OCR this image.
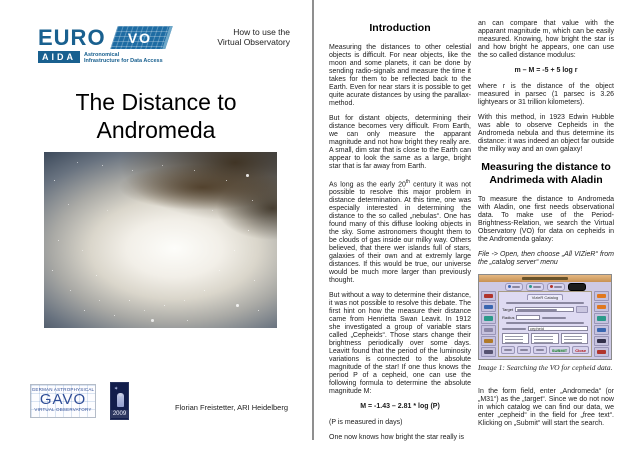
EURO VO
AIDA	Astronomical
Infrastructure for Data Access
How to use the
Virtual Observatory
The Distance to
Andromeda
GERMAN ASTROPHYSICAL
GAVO
VIRTUAL OBSERVATORY
✶
2009
Florian Freistetter, ARI Heidelberg
Introduction

Measuring the distances to other celestial objects is difficult. For near objects, like the moon and some planets, it can be done by sending radio-signals and measure the time it takes for them to be reflected back to the Earth. Even for near stars it is possible to get quite acurate distances by using the parallax-method.

But for distant objects, determining their distance becomes very difficult. From Earth, we can only measure the apparant magnitude and not how bright they really are. A small, dim star that is close to the Earth can appear to look the same as a large, bright star that is far away from Earth.

As long as the early 20th century it was not possible to resolve this major problem in distance determination. At this time, one was especially interested in determining the distance to the so called „nebulas“. One has found many of this diffuse looking objects in the sky. Some astronomers thought them to be clouds of gas inside our milky way. Others believed, that there wer islands full of stars, galaxies of their own and at extremly large distances. If this would be true, our universe would be much more larger than previously thought.

But without a way to determine their distance, it was not possible to resolve this debate. The first hint on how the measure their distance came from Henrietta Swan Leavit. In 1912 she investigated a group of variable stars called „Cepheids“. Those stars change their brightness periodically over some days. Leavitt found that the period of the luminosity variations is connected to the absolute magnitude of the star! If one thus knows the period P of a cepheid, one can use the following formula to determine the absolute magnitude M:

M = -1.43 – 2.81 * log (P)

(P is measured in days)

One now knows how bright the star really is

an can compare that value with the apparant magnitude m, which can be easily measured. Knowing, how bright the star is and how bright he appears, one can use the so called distance modulus:

m – M = -5 + 5 log r

where r is the distance of the object measured in parsec (1 parsec is 3.26 lightyears or 31 trillion kilometers).

With this method, in 1923 Edwin Hubble was able to observe Cepheids in the Andromeda nebula and thus determine its distance: it was indeed an object far outside the milky way and an own galaxy!

Measuring the distance to
Andrimeda with Aladin

To measure the distance to Andromeda with Aladin, one first needs observational data. To make use of the Period-Brightness-Relation, we search the Virtual Observatory (VO) for data on cepheids in the Andromenda galaxy:

File -> Open, then choose „All VIZieR“ from the „catalog server“ menu

VizieR Catalog
Target
Radius
cepheid
SUBMIT	Close
Image 1: Searching the VO for cepheid data.

In the form field, enter „Andromeda“ (or „M31“) as the „target“. Since we do not now in which catalog we can find our data, we enter „cepheid“ in the field for „free text“. Klicking on „Submit“ will start the search.
